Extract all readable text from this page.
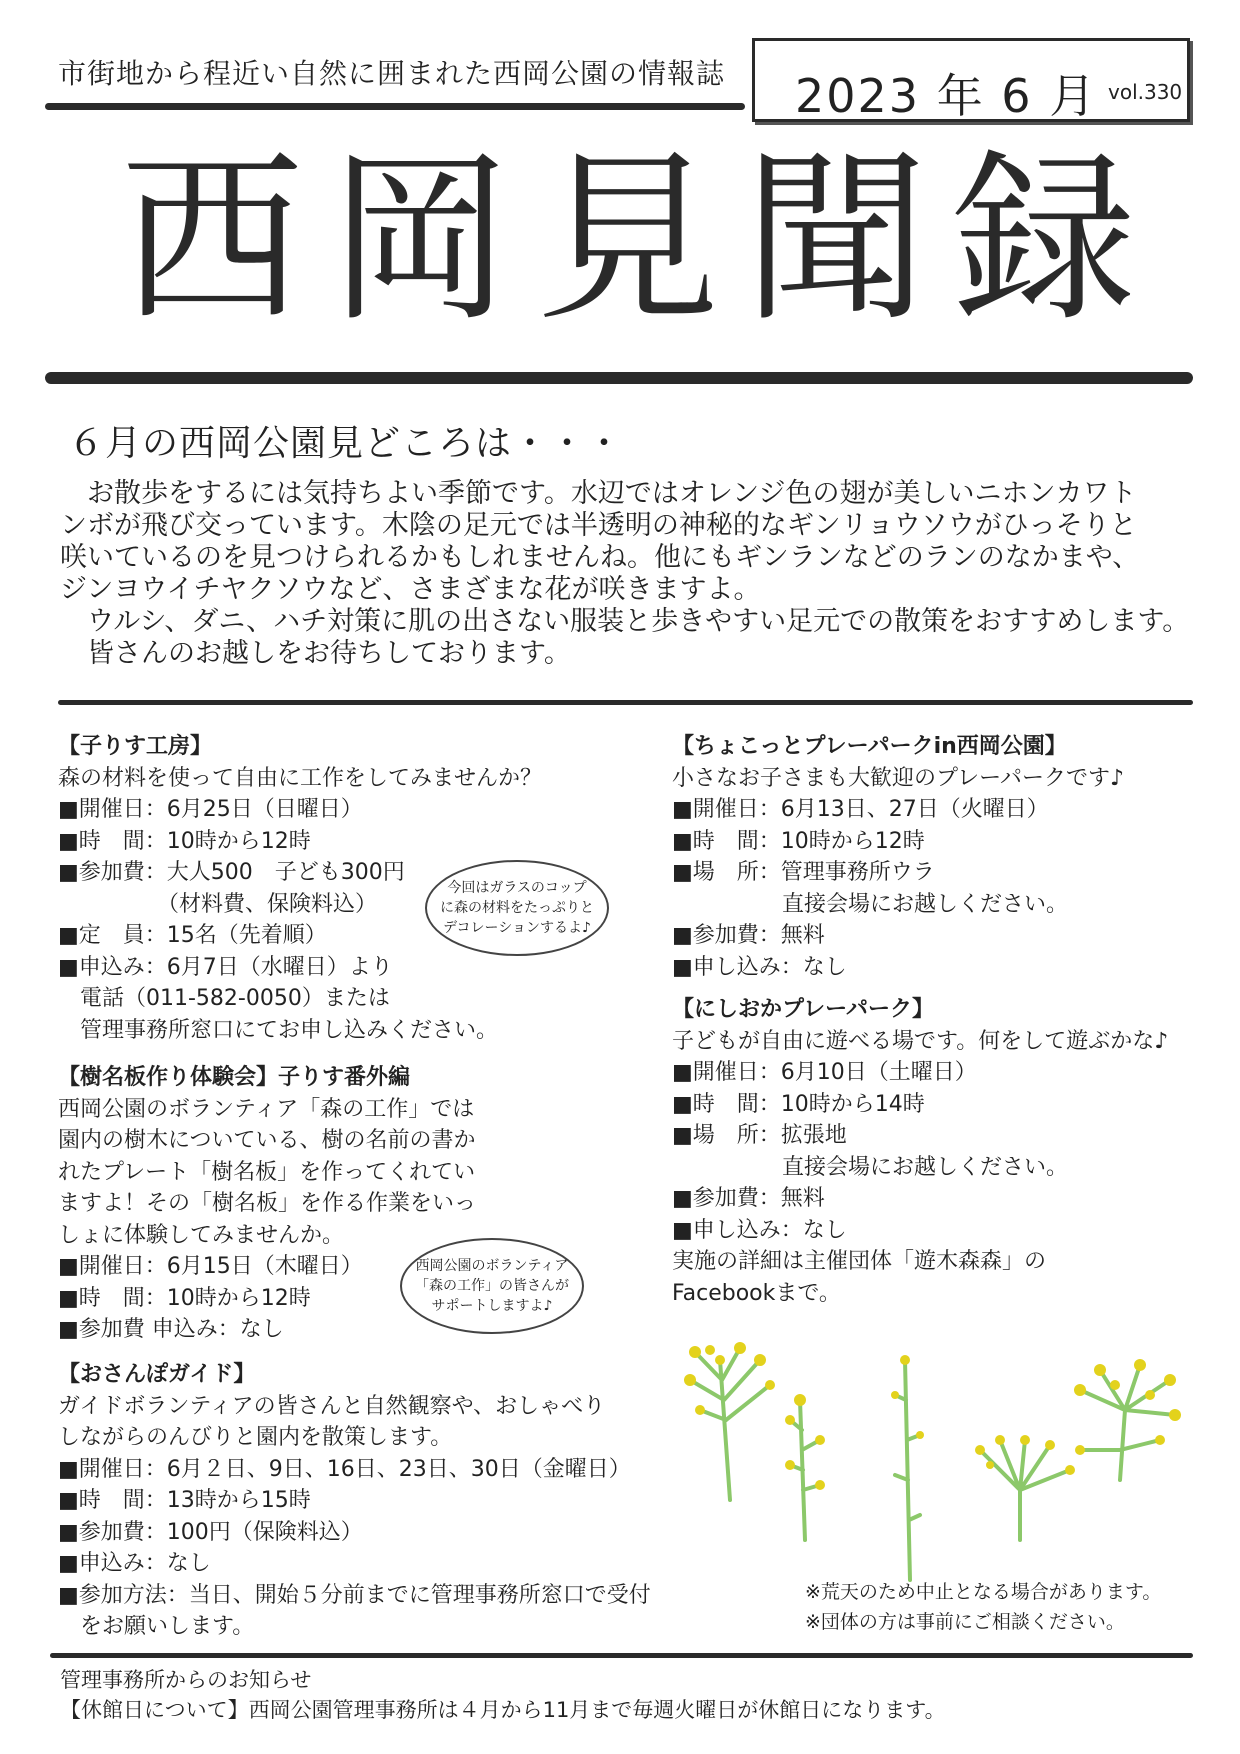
市街地から程近い自然に囲まれた西岡公園の情報誌 2023 年 6 月 vol.330
西岡見聞録
６月の西岡公園見どころは・・・

　お散歩をするには気持ちよい季節です。水辺ではオレンジ色の翅が美しいニホンカワト

ンボが飛び交っています。木陰の足元では半透明の神秘的なギンリョウソウがひっそりと

咲いているのを見つけられるかもしれませんね。他にもギンランなどのランのなかまや、

ジンヨウイチヤクソウなど、さまざまな花が咲きますよ。

　ウルシ、ダニ、ハチ対策に肌の出さない服装と歩きやすい足元での散策をおすすめします。

　皆さんのお越しをお待ちしております。

【子りす工房】

森の材料を使って自由に工作をしてみませんか？

■開催日：6月25日（日曜日）

■時　間：10時から12時

■参加費：大人500　子ども300円

　　　　　（材料費、保険料込）

■定　員：15名（先着順）

■申込み：6月7日（水曜日）より

　電話（011-582-0050）または

　管理事務所窓口にてお申し込みください。

今回はガラスのコップ
に森の材料をたっぷりと
デコレーションするよ♪

【樹名板作り体験会】子りす番外編

西岡公園のボランティア「森の工作」では

園内の樹木についている、樹の名前の書か

れたプレート「樹名板」を作ってくれてい

ますよ！その「樹名板」を作る作業をいっ

しょに体験してみませんか。

■開催日：6月15日（木曜日）

■時　間：10時から12時

■参加費 申込み：なし

西岡公園のボランティア
「森の工作」の皆さんが
サポートしますよ♪

【おさんぽガイド】

ガイドボランティアの皆さんと自然観察や、おしゃべり

しながらのんびりと園内を散策します。

■開催日：6月２日、9日、16日、23日、30日（金曜日）

■時　間：13時から15時

■参加費：100円（保険料込）

■申込み：なし

■参加方法：当日、開始５分前までに管理事務所窓口で受付

　をお願いします。

【ちょこっとプレーパークin西岡公園】

小さなお子さまも大歓迎のプレーパークです♪

■開催日：6月13日、27日（火曜日）

■時　間：10時から12時

■場　所：管理事務所ウラ

　　　　　直接会場にお越しください。

■参加費：無料

■申し込み：なし

【にしおかプレーパーク】

子どもが自由に遊べる場です。何をして遊ぶかな♪

■開催日：6月10日（土曜日）

■時　間：10時から14時

■場　所：拡張地

　　　　　直接会場にお越しください。

■参加費：無料

■申し込み：なし

実施の詳細は主催団体「遊木森森」の

Facebookまで。

※荒天のため中止となる場合があります。

※団体の方は事前にご相談ください。

管理事務所からのお知らせ

【休館日について】西岡公園管理事務所は４月から11月まで毎週火曜日が休館日になります。
